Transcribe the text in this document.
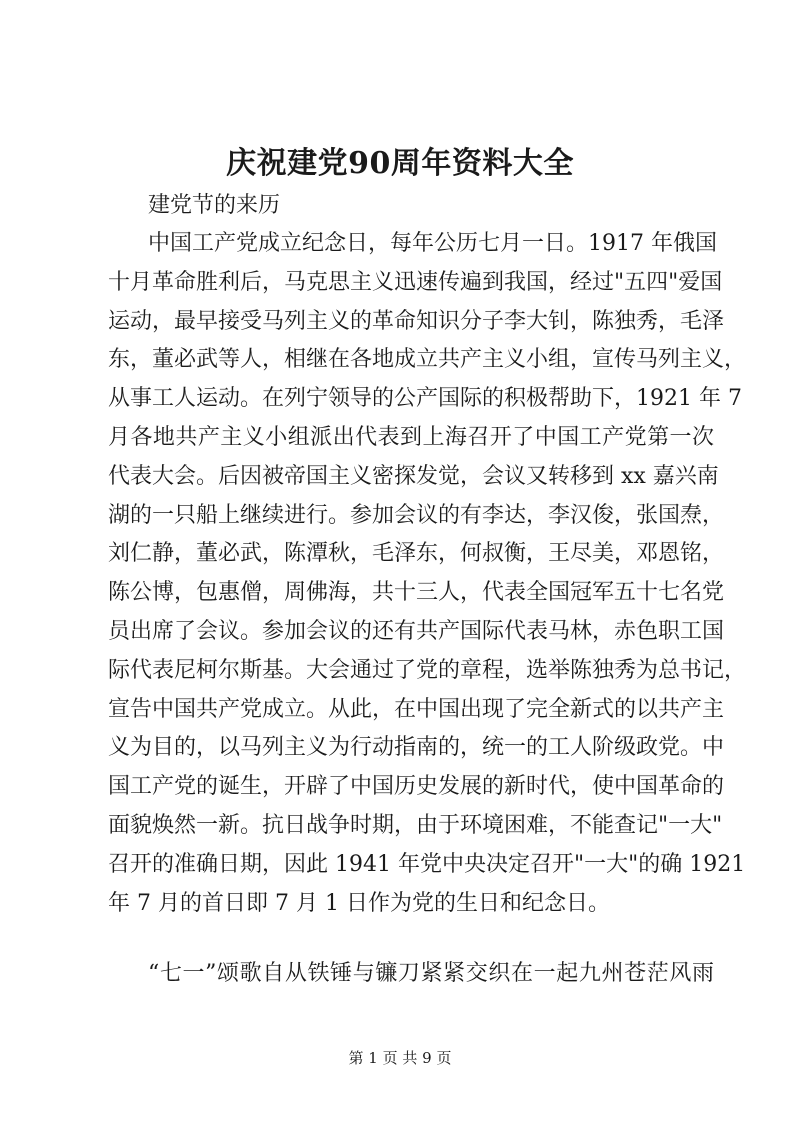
庆祝建党90周年资料大全

建党节的来历

中国工产党成立纪念日，每年公历七月一日。1917 年俄国
十月革命胜利后，马克思主义迅速传遍到我国，经过"五四"爱国
运动，最早接受马列主义的革命知识分子李大钊，陈独秀，毛泽
东，董必武等人，相继在各地成立共产主义小组，宣传马列主义，
从事工人运动。在列宁领导的公产国际的积极帮助下，1921 年 7
月各地共产主义小组派出代表到上海召开了中国工产党第一次
代表大会。后因被帝国主义密探发觉，会议又转移到 xx 嘉兴南
湖的一只船上继续进行。参加会议的有李达，李汉俊，张国焘，
刘仁静，董必武，陈潭秋，毛泽东，何叔衡，王尽美，邓恩铭，
陈公博，包惠僧，周佛海，共十三人，代表全国冠军五十七名党
员出席了会议。参加会议的还有共产国际代表马林，赤色职工国
际代表尼柯尔斯基。大会通过了党的章程，选举陈独秀为总书记，
宣告中国共产党成立。从此，在中国出现了完全新式的以共产主
义为目的，以马列主义为行动指南的，统一的工人阶级政党。中
国工产党的诞生，开辟了中国历史发展的新时代，使中国革命的
面貌焕然一新。抗日战争时期，由于环境困难，不能查记"一大"
召开的准确日期，因此 1941 年党中央决定召开"一大"的确 1921
年 7 月的首日即 7 月 1 日作为党的生日和纪念日。
“七一”颂歌自从铁锤与镰刀紧紧交织在一起九州苍茫风雨

第 1 页 共 9 页
